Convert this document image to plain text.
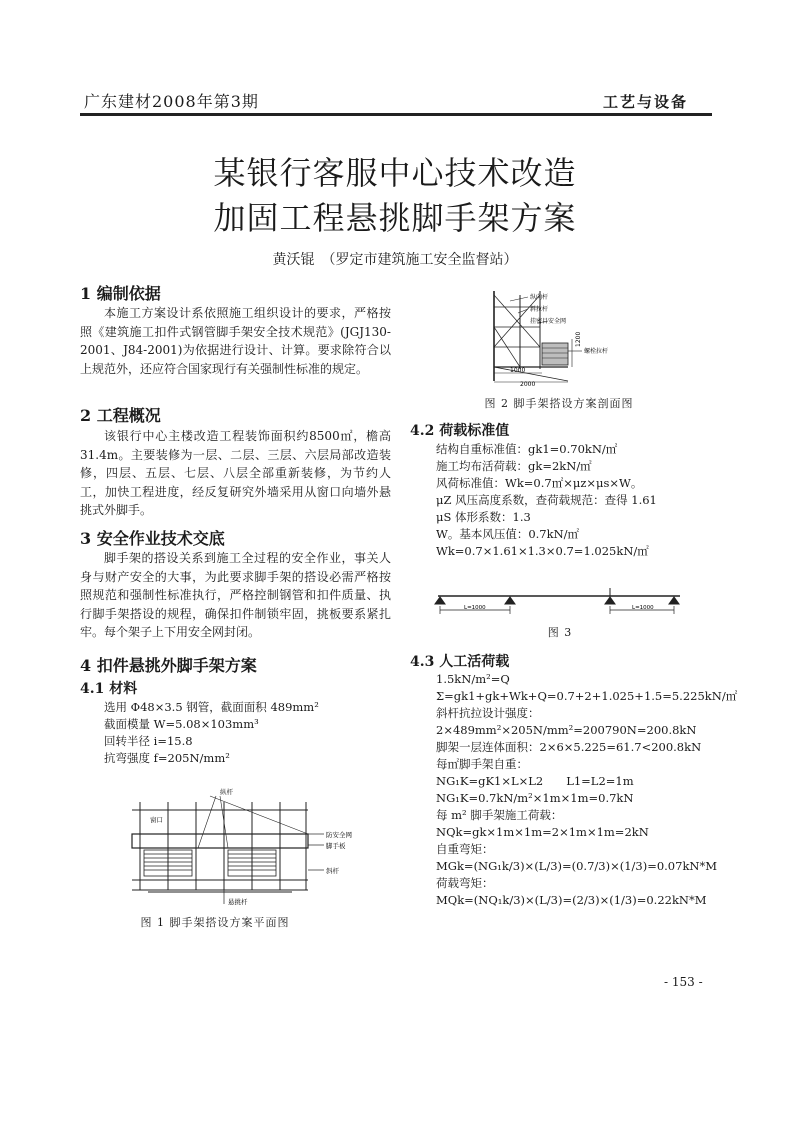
广东建材2008年第3期	工艺与设备
某银行客服中心技术改造
加固工程悬挑脚手架方案
黄沃锟　（罗定市建筑施工安全监督站）
1 编制依据

本施工方案设计系依照施工组织设计的要求，严格按照《建筑施工扣件式钢管脚手架安全技术规范》(JGJ130-2001、J84-2001)为依据进行设计、计算。要求除符合以上规范外，还应符合国家现行有关强制性标准的规定。

2 工程概况

该银行中心主楼改造工程装饰面积约8500㎡，檐高31.4m。主要装修为一层、二层、三层、六层局部改造装修，四层、五层、七层、八层全部重新装修，为节约人工，加快工程进度，经反复研究外墙采用从窗口向墙外悬挑式外脚手。

3 安全作业技术交底

脚手架的搭设关系到施工全过程的安全作业，事关人身与财产安全的大事，为此要求脚手架的搭设必需严格按照规范和强制性标准执行，严格控制钢管和扣件质量、执行脚手架搭设的规程，确保扣件制锁牢固，挑板要系紧扎牢。每个架子上下用安全网封闭。

4 扣件悬挑外脚手架方案
4.1 材料
选用 Φ48×3.5 钢管，截面面积 489mm²
截面模量 W=5.08×103mm³
回转半径 i=15.8
抗弯强度 f=205N/mm²
纵杆
窗口
防安全网
脚手板
斜杆
悬挑杆
图 1 脚手架搭设方案平面图
纵向杆
斜拉杆
挂密目安全网
螺栓拉杆
1200
1000
2000
图 2 脚手架搭设方案剖面图
4.2 荷载标准值
结构自重标准值：gk1=0.70kN/㎡
施工均布活荷载：gk=2kN/㎡
风荷标准值：Wk=0.7㎡×μz×μs×W。
μZ 风压高度系数，查荷载规范：查得 1.61
μS 体形系数：1.3
W。基本风压值：0.7kN/㎡
Wk=0.7×1.61×1.3×0.7=1.025kN/㎡
L=1000	L=1000
图 3
4.3 人工活荷载
1.5kN/m²=Q
Σ=gk1+gk+Wk+Q=0.7+2+1.025+1.5=5.225kN/㎡
斜杆抗拉设计强度：
2×489mm²×205N/mm²=200790N=200.8kN
脚架一层连体面积：2×6×5.225=61.7<200.8kN
每㎡脚手架自重：
NG₁K=gK1×L×L2　　L1=L2=1m
NG₁K=0.7kN/m²×1m×1m=0.7kN
每 m² 脚手架施工荷载：
NQk=gk×1m×1m=2×1m×1m=2kN
自重弯矩：
MGk=(NG₁k/3)×(L/3)=(0.7/3)×(1/3)=0.07kN*M
荷载弯矩：
MQk=(NQ₁k/3)×(L/3)=(2/3)×(1/3)=0.22kN*M
- 153 -
